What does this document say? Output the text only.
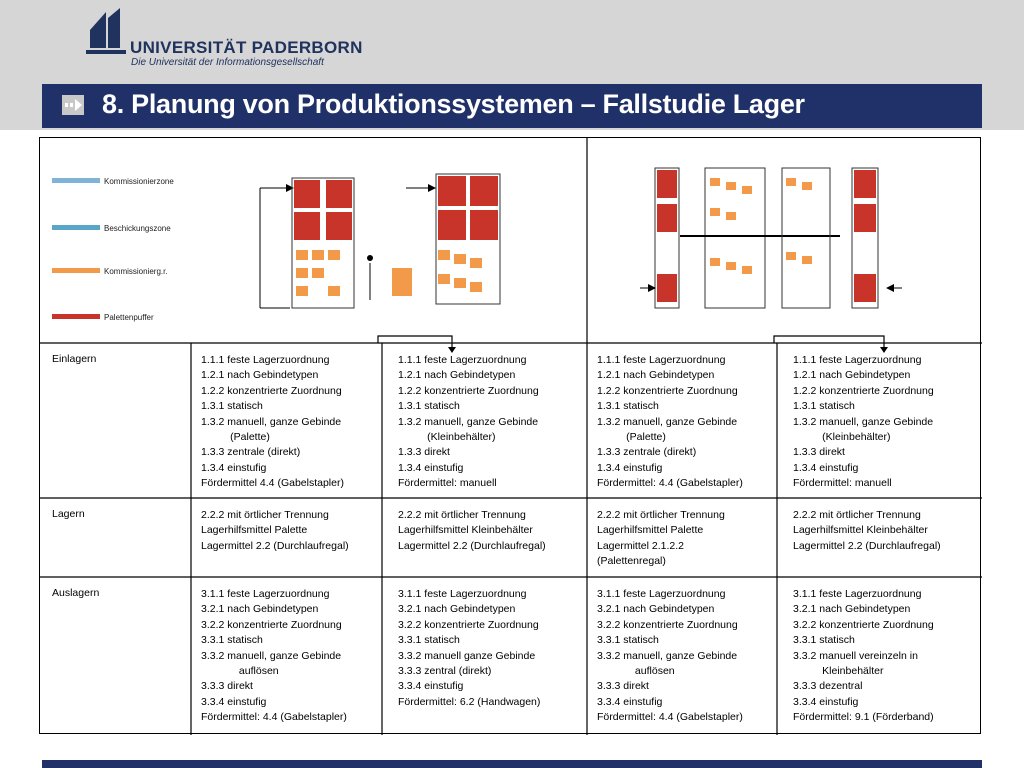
UNIVERSITÄT PADERBORN
Die Universität der Informationsgesellschaft
8. Planung von Produktionssystemen – Fallstudie Lager
Kommissionierzone
Beschickungszone
Kommissionierg.r.
Palettenpuffer
Einlagern
Lagern
Auslagern
1.1.1 feste Lagerzuordnung
1.2.1 nach Gebindetypen
1.2.2 konzentrierte Zuordnung
1.3.1 statisch
1.3.2 manuell, ganze Gebinde
(Palette)
1.3.3 zentrale (direkt)
1.3.4 einstufig
Fördermittel 4.4 (Gabelstapler)
1.1.1 feste Lagerzuordnung
1.2.1 nach Gebindetypen
1.2.2 konzentrierte Zuordnung
1.3.1 statisch
1.3.2 manuell, ganze Gebinde
(Kleinbehälter)
1.3.3 direkt
1.3.4 einstufig
Fördermittel: manuell
1.1.1 feste Lagerzuordnung
1.2.1 nach Gebindetypen
1.2.2 konzentrierte Zuordnung
1.3.1 statisch
1.3.2 manuell, ganze Gebinde
(Palette)
1.3.3 zentrale (direkt)
1.3.4 einstufig
Fördermittel: 4.4 (Gabelstapler)
1.1.1 feste Lagerzuordnung
1.2.1 nach Gebindetypen
1.2.2 konzentrierte Zuordnung
1.3.1 statisch
1.3.2 manuell, ganze Gebinde
(Kleinbehälter)
1.3.3 direkt
1.3.4 einstufig
Fördermittel: manuell
2.2.2 mit örtlicher Trennung
Lagerhilfsmittel Palette
Lagermittel 2.2 (Durchlaufregal)
2.2.2 mit örtlicher Trennung
Lagerhilfsmittel Kleinbehälter
Lagermittel 2.2 (Durchlaufregal)
2.2.2 mit örtlicher Trennung
Lagerhilfsmittel Palette
Lagermittel 2.1.2.2
(Palettenregal)
2.2.2 mit örtlicher Trennung
Lagerhilfsmittel Kleinbehälter
Lagermittel 2.2 (Durchlaufregal)
3.1.1 feste Lagerzuordnung
3.2.1 nach Gebindetypen
3.2.2 konzentrierte Zuordnung
3.3.1 statisch
3.3.2 manuell, ganze Gebinde
auflösen
3.3.3 direkt
3.3.4 einstufig
Fördermittel: 4.4 (Gabelstapler)
3.1.1 feste Lagerzuordnung
3.2.1 nach Gebindetypen
3.2.2 konzentrierte Zuordnung
3.3.1 statisch
3.3.2 manuell ganze Gebinde
3.3.3 zentral (direkt)
3.3.4 einstufig
Fördermittel: 6.2 (Handwagen)
3.1.1 feste Lagerzuordnung
3.2.1 nach Gebindetypen
3.2.2 konzentrierte Zuordnung
3.3.1 statisch
3.3.2 manuell, ganze Gebinde
auflösen
3.3.3 direkt
3.3.4 einstufig
Fördermittel: 4.4 (Gabelstapler)
3.1.1 feste Lagerzuordnung
3.2.1 nach Gebindetypen
3.2.2 konzentrierte Zuordnung
3.3.1 statisch
3.3.2 manuell vereinzeln in
Kleinbehälter
3.3.3 dezentral
3.3.4 einstufig
Fördermittel: 9.1 (Förderband)
